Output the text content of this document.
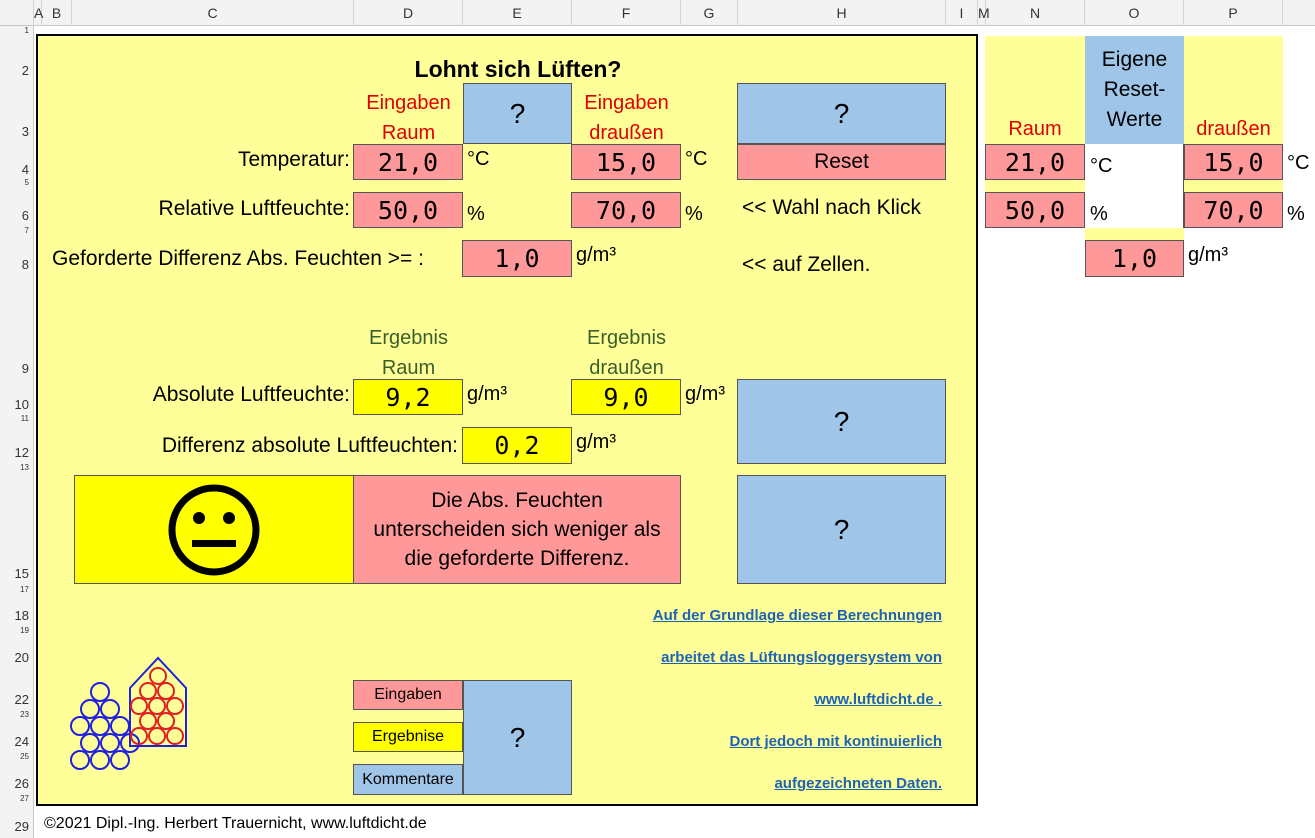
A B	C	D	E	F	G	H	I	M	N	O	P
1
2
3
4
5
6
7
8
9
10
11
12
13
15
17
18
19
20
22
23
24
25
26
27
29
Lohnt sich Lüften?
Eingaben
Raum
?	Eingaben
draußen
?
Reset
Temperatur:	21,0	°C	15,0	°C
Relative Luftfeuchte:	50,0	%	70,0	% << Wahl nach Klick
Geforderte Differenz Abs. Feuchten >= :	1,0	g/m³	<< auf Zellen.
Ergebnis
Raum
Ergebnis
draußen
Absolute Luftfeuchte:	9,2	g/m³	9,0	g/m³
Differenz absolute Luftfeuchten:	0,2	g/m³
?
?
Die Abs. Feuchten
unterscheiden sich weniger als
die geforderte Differenz.
Auf der Grundlage dieser Berechnungen
arbeitet das Lüftungsloggersystem von
www.luftdicht.de .
Dort jedoch mit kontinuierlich
aufgezeichneten Daten.
Eingaben
Ergebnise
Kommentare
?
Raum
Eigene
Reset-
Werte	draußen
21,0	°C	15,0	°C
50,0	%	70,0	%
1,0	g/m³
©2021 Dipl.-Ing. Herbert Trauernicht, www.luftdicht.de
